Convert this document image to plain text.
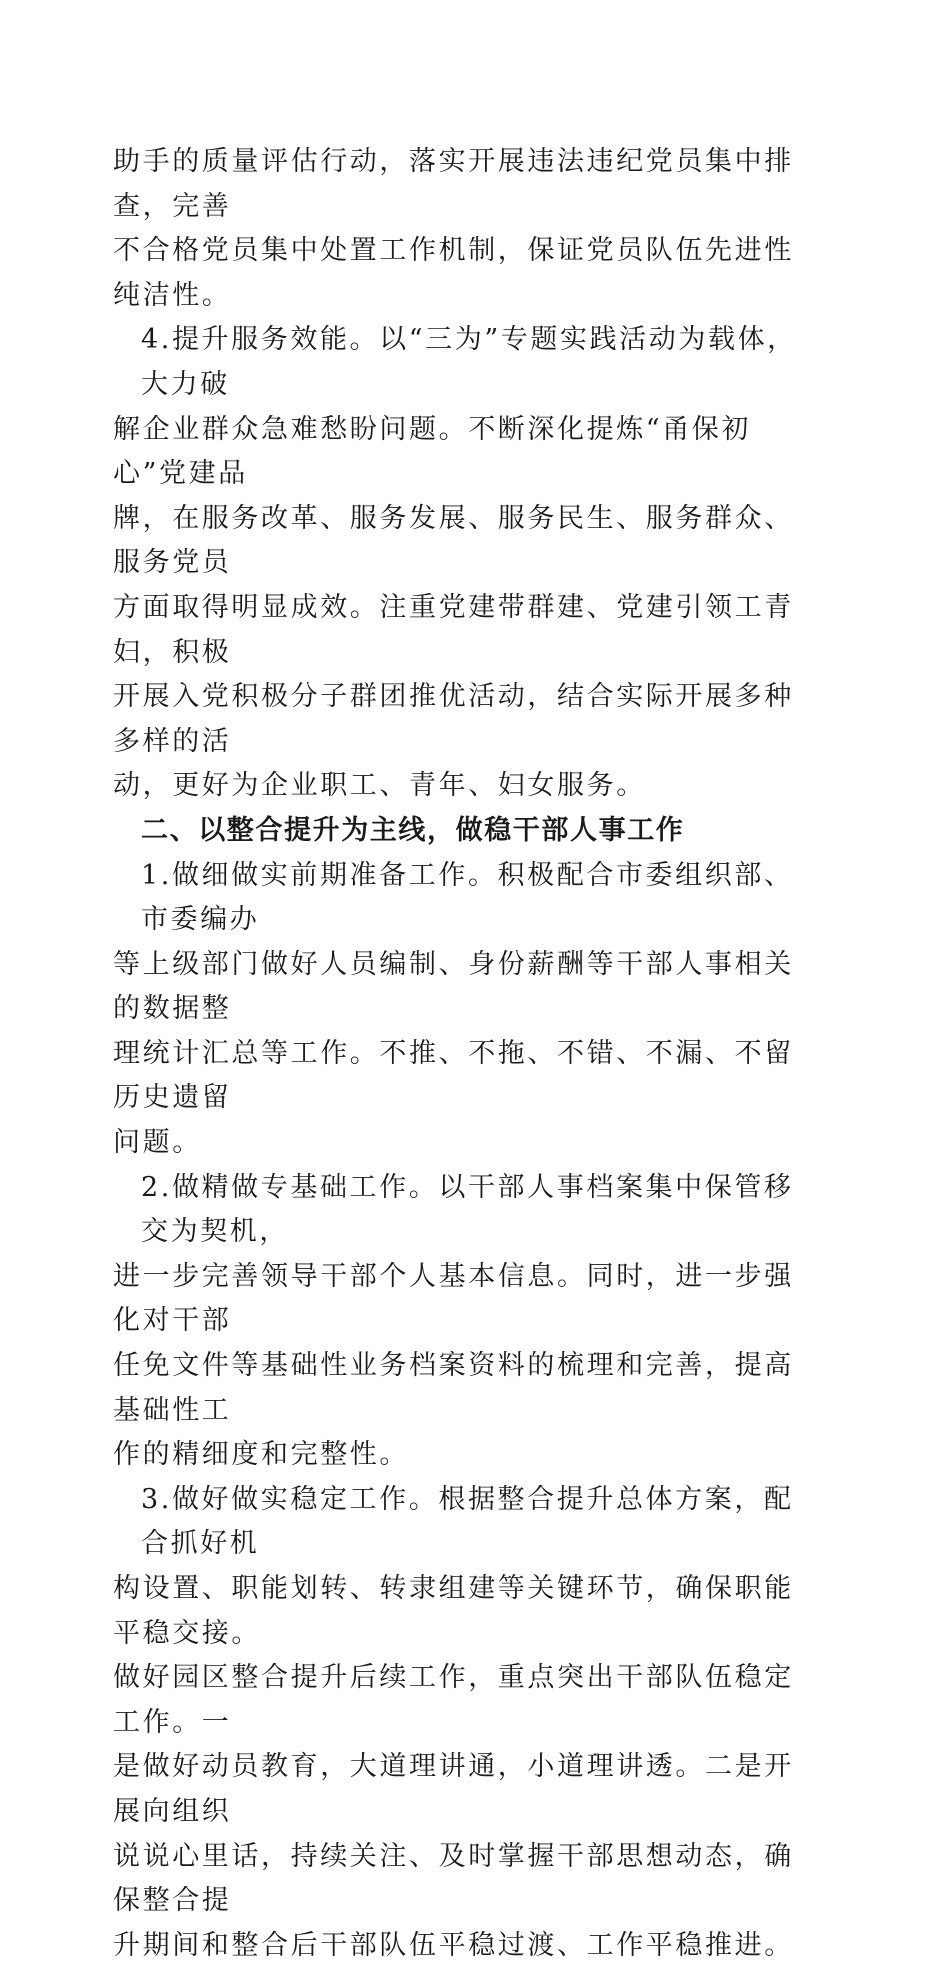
助手的质量评估行动，落实开展违法违纪党员集中排查，完善
不合格党员集中处置工作机制，保证党员队伍先进性纯洁性。
4.提升服务效能。以“三为”专题实践活动为载体，大力破
解企业群众急难愁盼问题。不断深化提炼“甬保初心”党建品
牌，在服务改革、服务发展、服务民生、服务群众、服务党员
方面取得明显成效。注重党建带群建、党建引领工青妇，积极
开展入党积极分子群团推优活动，结合实际开展多种多样的活
动，更好为企业职工、青年、妇女服务。
二、以整合提升为主线，做稳干部人事工作
1.做细做实前期准备工作。积极配合市委组织部、市委编办
等上级部门做好人员编制、身份薪酬等干部人事相关的数据整
理统计汇总等工作。不推、不拖、不错、不漏、不留历史遗留
问题。
2.做精做专基础工作。以干部人事档案集中保管移交为契机，
进一步完善领导干部个人基本信息。同时，进一步强化对干部
任免文件等基础性业务档案资料的梳理和完善，提高基础性工
作的精细度和完整性。
3.做好做实稳定工作。根据整合提升总体方案，配合抓好机
构设置、职能划转、转隶组建等关键环节，确保职能平稳交接。
做好园区整合提升后续工作，重点突出干部队伍稳定工作。一
是做好动员教育，大道理讲通，小道理讲透。二是开展向组织
说说心里话，持续关注、及时掌握干部思想动态，确保整合提
升期间和整合后干部队伍平稳过渡、工作平稳推进。
